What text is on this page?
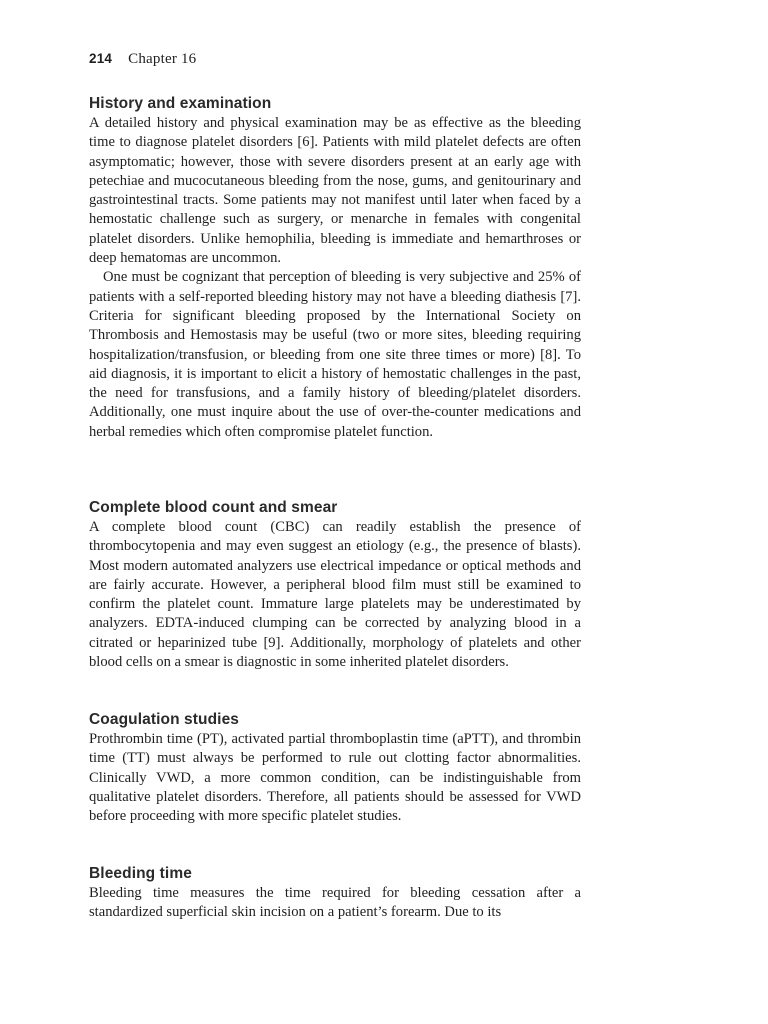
214 Chapter 16
History and examination

A detailed history and physical examination may be as effective as the bleeding time to diagnose platelet disorders [6]. Patients with mild platelet defects are often asymptomatic; however, those with severe disorders present at an early age with petechiae and mucocutaneous bleeding from the nose, gums, and genitourinary and gastrointestinal tracts. Some patients may not manifest until later when faced by a hemostatic challenge such as surgery, or menarche in females with congenital platelet disorders. Unlike hemophilia, bleeding is immediate and hemarthroses or deep hematomas are uncommon.

One must be cognizant that perception of bleeding is very subjective and 25% of patients with a self-reported bleeding history may not have a bleeding diathesis [7]. Criteria for significant bleeding proposed by the International Society on Thrombosis and Hemostasis may be useful (two or more sites, bleeding requiring hospitalization/transfusion, or bleeding from one site three times or more) [8]. To aid diagnosis, it is important to elicit a history of hemostatic challenges in the past, the need for transfusions, and a family history of bleeding/platelet disorders. Additionally, one must inquire about the use of over-the-counter medications and herbal remedies which often compromise platelet function.

Complete blood count and smear

A complete blood count (CBC) can readily establish the presence of thrombocytopenia and may even suggest an etiology (e.g., the presence of blasts). Most modern automated analyzers use electrical impedance or optical methods and are fairly accurate. However, a peripheral blood film must still be examined to confirm the platelet count. Immature large platelets may be underestimated by analyzers. EDTA-induced clumping can be corrected by analyzing blood in a citrated or heparinized tube [9]. Additionally, morphology of platelets and other blood cells on a smear is diagnostic in some inherited platelet disorders.

Coagulation studies

Prothrombin time (PT), activated partial thromboplastin time (aPTT), and thrombin time (TT) must always be performed to rule out clotting factor abnormalities. Clinically VWD, a more common condition, can be indistinguishable from qualitative platelet disorders. Therefore, all patients should be assessed for VWD before proceeding with more specific platelet studies.

Bleeding time

Bleeding time measures the time required for bleeding cessation after a standardized superficial skin incision on a patient’s forearm. Due to its
